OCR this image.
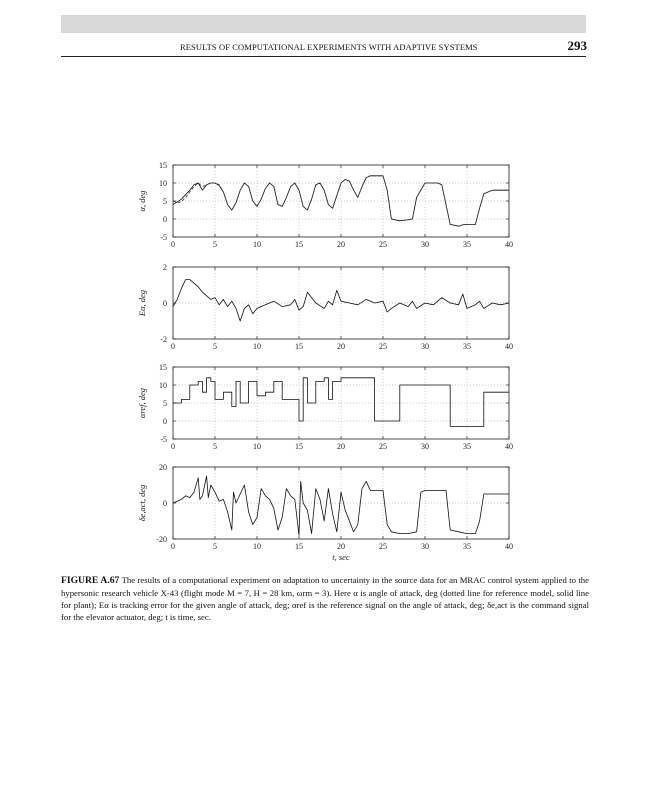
RESULTS OF COMPUTATIONAL EXPERIMENTS WITH ADAPTIVE SYSTEMS	293
0	5	10	15	20	25	30	35	40
15
10
5
0
-5
α, deg
0	5	10	15	20	25	30	35	40
2
0
-2
Eα, deg
0	5	10	15	20	25	30	35	40
15
10
5
0
-5
αref, deg
0	5	10	15	20	25	30	35	40
20
0
-20
δe,act, deg
t, sec
FIGURE A.67 The results of a computational experiment on adaptation to uncertainty in the source data for an MRAC control system applied to the hypersonic research vehicle X-43 (flight mode M = 7, H = 28 km, ωrm = 3). Here α is angle of attack, deg (dotted line for reference model, solid line for plant); Eα is tracking error for the given angle of attack, deg; αref is the reference signal on the angle of attack, deg; δe,act is the command signal for the elevator actuator, deg; t is time, sec.
